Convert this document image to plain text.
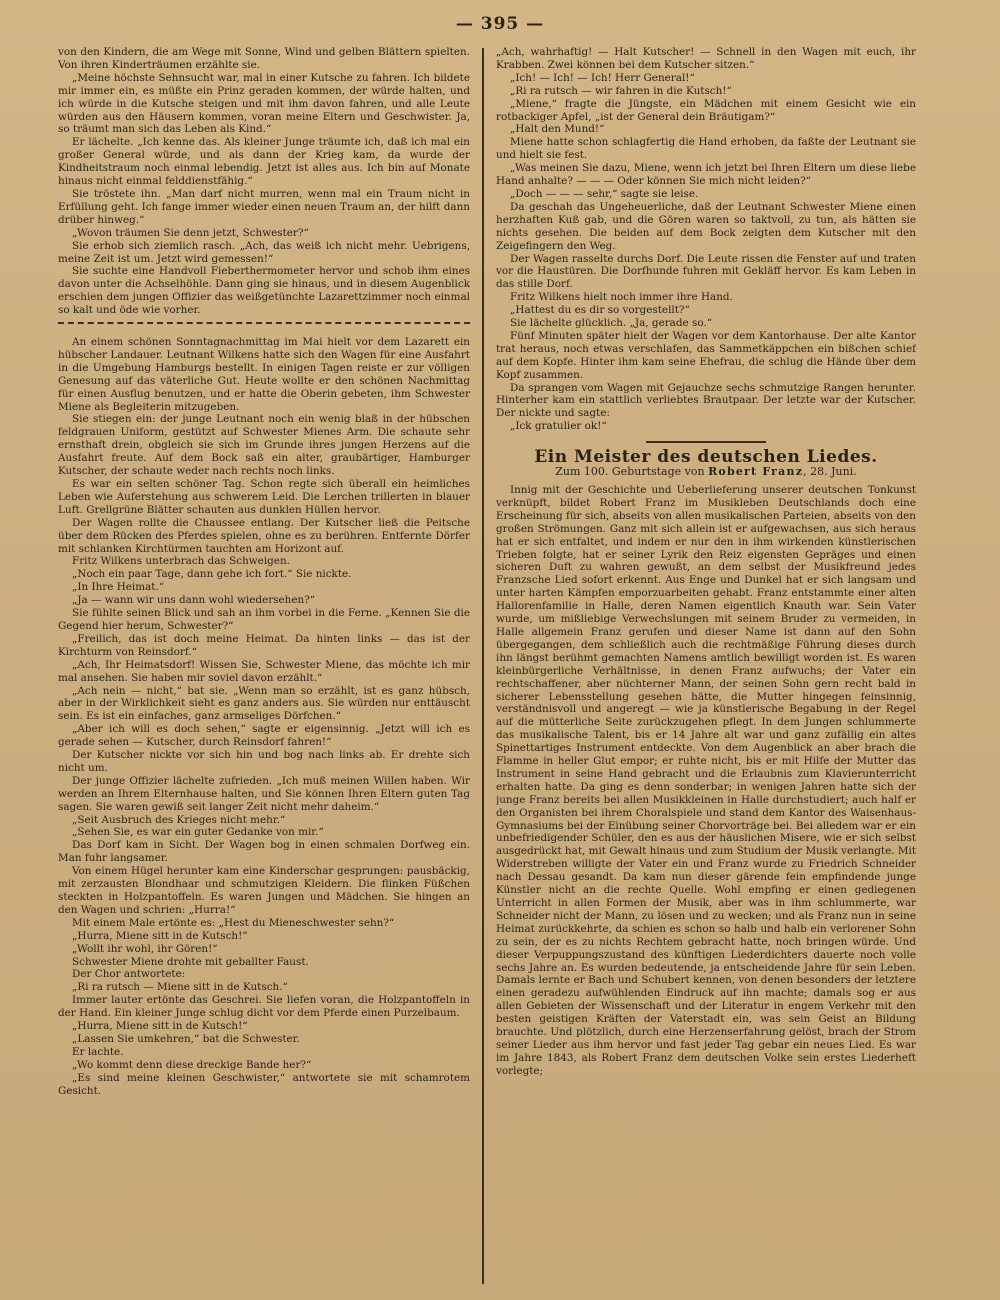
— 395 —

von den Kindern, die am Wege mit Sonne, Wind und gelben Blättern spielten. Von ihren Kinderträumen erzählte sie.

„Meine höchste Sehnsucht war, mal in einer Kutsche zu fahren. Ich bildete mir immer ein, es müßte ein Prinz geraden kommen, der würde halten, und ich würde in die Kutsche steigen und mit ihm davon fahren, und alle Leute würden aus den Häusern kommen, voran meine Eltern und Geschwister. Ja, so träumt man sich das Leben als Kind.“

Er lächelte. „Ich kenne das. Als kleiner Junge träumte ich, daß ich mal ein großer General würde, und als dann der Krieg kam, da wurde der Kindheitstraum noch einmal lebendig. Jetzt ist alles aus. Ich bin auf Monate hinaus nicht einmal felddienstfähig.“

Sie tröstete ihn. „Man darf nicht murren, wenn mal ein Traum nicht in Erfüllung geht. Ich fange immer wieder einen neuen Traum an, der hilft dann drüber hinweg.“

„Wovon träumen Sie denn jetzt, Schwester?“

Sie erhob sich ziemlich rasch. „Ach, das weiß ich nicht mehr. Uebrigens, meine Zeit ist um. Jetzt wird gemessen!“

Sie suchte eine Handvoll Fieberthermometer hervor und schob ihm eines davon unter die Achselhöhle. Dann ging sie hinaus, und in diesem Augenblick erschien dem jungen Offizier das weißgetünchte Lazarettzimmer noch einmal so kalt und öde wie vorher.

An einem schönen Sonntagnachmittag im Mai hielt vor dem Lazarett ein hübscher Landauer. Leutnant Wilkens hatte sich den Wagen für eine Ausfahrt in die Umgebung Hamburgs bestellt. In einigen Tagen reiste er zur völligen Genesung auf das väterliche Gut. Heute wollte er den schönen Nachmittag für einen Ausflug benutzen, und er hatte die Oberin gebeten, ihm Schwester Miene als Begleiterin mitzugeben.

Sie stiegen ein: der junge Leutnant noch ein wenig blaß in der hübschen feldgrauen Uniform, gestützt auf Schwester Mienes Arm. Die schaute sehr ernsthaft drein, obgleich sie sich im Grunde ihres jungen Herzens auf die Ausfahrt freute. Auf dem Bock saß ein alter, graubärtiger, Hamburger Kutscher, der schaute weder nach rechts noch links.

Es war ein selten schöner Tag. Schon regte sich überall ein heimliches Leben wie Auferstehung aus schwerem Leid. Die Lerchen trillerten in blauer Luft. Grellgrüne Blätter schauten aus dunklen Hüllen hervor.

Der Wagen rollte die Chaussee entlang. Der Kutscher ließ die Peitsche über dem Rücken des Pferdes spielen, ohne es zu berühren. Entfernte Dörfer mit schlanken Kirchtürmen tauchten am Horizont auf.

Fritz Wilkens unterbrach das Schweigen.

„Noch ein paar Tage, dann gehe ich fort.“ Sie nickte.

„In Ihre Heimat.“

„Ja — wann wir uns dann wohl wiedersehen?“

Sie fühlte seinen Blick und sah an ihm vorbei in die Ferne. „Kennen Sie die Gegend hier herum, Schwester?“

„Freilich, das ist doch meine Heimat. Da hinten links — das ist der Kirchturm von Reinsdorf.“

„Ach, Ihr Heimatsdorf! Wissen Sie, Schwester Miene, das möchte ich mir mal ansehen. Sie haben mir soviel davon erzählt.“

„Ach nein — nicht,“ bat sie. „Wenn man so erzählt, ist es ganz hübsch, aber in der Wirklichkeit sieht es ganz anders aus. Sie würden nur enttäuscht sein. Es ist ein einfaches, ganz armseliges Dörfchen.“

„Aber ich will es doch sehen,“ sagte er eigensinnig. „Jetzt will ich es gerade sehen — Kutscher, durch Reinsdorf fahren!“

Der Kutscher nickte vor sich hin und bog nach links ab. Er drehte sich nicht um.

Der junge Offizier lächelte zufrieden. „Ich muß meinen Willen haben. Wir werden an Ihrem Elternhause halten, und Sie können Ihren Eltern guten Tag sagen. Sie waren gewiß seit langer Zeit nicht mehr daheim.“

„Seit Ausbruch des Krieges nicht mehr.“

„Sehen Sie, es war ein guter Gedanke von mir.“

Das Dorf kam in Sicht. Der Wagen bog in einen schmalen Dorfweg ein. Man fuhr langsamer.

Von einem Hügel herunter kam eine Kinderschar gesprungen: pausbäckig, mit zerzausten Blondhaar und schmutzigen Kleidern. Die flinken Füßchen steckten in Holzpantoffeln. Es waren Jungen und Mädchen. Sie hingen an den Wagen und schrien: „Hurra!“

Mit einem Male ertönte es: „Hest du Mieneschwester sehn?“

„Hurra, Miene sitt in de Kutsch!“

„Wollt ihr wohl, ihr Gören!“

Schwester Miene drohte mit geballter Faust.

Der Chor antwortete:

„Ri ra rutsch — Miene sitt in de Kutsch.“

Immer lauter ertönte das Geschrei. Sie liefen voran, die Holzpantoffeln in der Hand. Ein kleiner Junge schlug dicht vor dem Pferde einen Purzelbaum.

„Hurra, Miene sitt in de Kutsch!“

„Lassen Sie umkehren,“ bat die Schwester.

Er lachte.

„Wo kommt denn diese dreckige Bande her?“

„Es sind meine kleinen Geschwister,“ antwortete sie mit schamrotem Gesicht.

„Ach, wahrhaftig! — Halt Kutscher! — Schnell in den Wagen mit euch, ihr Krabben. Zwei können bei dem Kutscher sitzen.“

„Ich! — Ich! — Ich! Herr General!“

„Ri ra rutsch — wir fahren in die Kutsch!“

„Miene,“ fragte die Jüngste, ein Mädchen mit einem Gesicht wie ein rotbackiger Apfel, „ist der General dein Bräutigam?“

„Halt den Mund!“

Miene hatte schon schlagfertig die Hand erhoben, da faßte der Leutnant sie und hielt sie fest.

„Was meinen Sie dazu, Miene, wenn ich jetzt bei Ihren Eltern um diese liebe Hand anhalte? — — — Oder können Sie mich nicht leiden?“

„Doch — — — sehr,“ sagte sie leise.

Da geschah das Ungeheuerliche, daß der Leutnant Schwester Miene einen herzhaften Kuß gab, und die Gören waren so taktvoll, zu tun, als hätten sie nichts gesehen. Die beiden auf dem Bock zeigten dem Kutscher mit den Zeigefingern den Weg.

Der Wagen rasselte durchs Dorf. Die Leute rissen die Fenster auf und traten vor die Haustüren. Die Dorfhunde fuhren mit Gekläff hervor. Es kam Leben in das stille Dorf.

Fritz Wilkens hielt noch immer ihre Hand.

„Hattest du es dir so vorgestellt?“

Sie lächelte glücklich. „Ja, gerade so.“

Fünf Minuten später hielt der Wagen vor dem Kantorhause. Der alte Kantor trat heraus, noch etwas verschlafen, das Sammetkäppchen ein bißchen schief auf dem Kopfe. Hinter ihm kam seine Ehefrau, die schlug die Hände über dem Kopf zusammen.

Da sprangen vom Wagen mit Gejauchze sechs schmutzige Rangen herunter. Hinterher kam ein stattlich verliebtes Brautpaar. Der letzte war der Kutscher. Der nickte und sagte:

„Ick gratulier ok!“

Ein Meister des deutschen Liedes.
Zum 100. Geburtstage von Robert Franz, 28. Juni.

Innig mit der Geschichte und Ueberlieferung unserer deutschen Tonkunst verknüpft, bildet Robert Franz im Musikleben Deutschlands doch eine Erscheinung für sich, abseits von allen musikalischen Parteien, abseits von den großen Strömungen. Ganz mit sich allein ist er aufgewachsen, aus sich heraus hat er sich entfaltet, und indem er nur den in ihm wirkenden künstlerischen Trieben folgte, hat er seiner Lyrik den Reiz eigensten Gepräges und einen sicheren Duft zu wahren gewußt, an dem selbst der Musikfreund jedes Franzsche Lied sofort erkennt. Aus Enge und Dunkel hat er sich langsam und unter harten Kämpfen emporzuarbeiten gehabt. Franz entstammte einer alten Hallorenfamilie in Halle, deren Namen eigentlich Knauth war. Sein Vater wurde, um mißliebige Verwechslungen mit seinem Bruder zu vermeiden, in Halle allgemein Franz gerufen und dieser Name ist dann auf den Sohn übergegangen, dem schließlich auch die rechtmäßige Führung dieses durch ihn längst berühmt gemachten Namens amtlich bewilligt worden ist. Es waren kleinbürgerliche Verhältnisse, in denen Franz aufwuchs; der Vater ein rechtschaffener, aber nüchterner Mann, der seinen Sohn gern recht bald in sicherer Lebensstellung gesehen hätte, die Mutter hingegen feinsinnig, verständnisvoll und angeregt — wie ja künstlerische Begabung in der Regel auf die mütterliche Seite zurückzugehen pflegt. In dem Jungen schlummerte das musikalische Talent, bis er 14 Jahre alt war und ganz zufällig ein altes Spinettartiges Instrument entdeckte. Von dem Augenblick an aber brach die Flamme in heller Glut empor; er ruhte nicht, bis er mit Hilfe der Mutter das Instrument in seine Hand gebracht und die Erlaubnis zum Klavierunterricht erhalten hatte. Da ging es denn sonderbar; in wenigen Jahren hatte sich der junge Franz bereits bei allen Musikkleinen in Halle durchstudiert; auch half er den Organisten bei ihrem Choralspiele und stand dem Kantor des Waisenhaus-Gymnasiums bei der Einübung seiner Chorvorträge bei. Bei alledem war er ein unbefriedigender Schüler, den es aus der häuslichen Misere, wie er sich selbst ausgedrückt hat, mit Gewalt hinaus und zum Studium der Musik verlangte. Mit Widerstreben willigte der Vater ein und Franz wurde zu Friedrich Schneider nach Dessau gesandt. Da kam nun dieser gärende fein empfindende junge Künstler nicht an die rechte Quelle. Wohl empfing er einen gediegenen Unterricht in allen Formen der Musik, aber was in ihm schlummerte, war Schneider nicht der Mann, zu lösen und zu wecken; und als Franz nun in seine Heimat zurückkehrte, da schien es schon so halb und halb ein verlorener Sohn zu sein, der es zu nichts Rechtem gebracht hatte, noch bringen würde. Und dieser Verpuppungszustand des künftigen Liederdichters dauerte noch volle sechs Jahre an. Es wurden bedeutende, ja entscheidende Jahre für sein Leben. Damals lernte er Bach und Schubert kennen, von denen besonders der letztere einen geradezu aufwühlenden Eindruck auf ihn machte; damals sog er aus allen Gebieten der Wissenschaft und der Literatur in engem Verkehr mit den besten geistigen Kräften der Vaterstadt ein, was sein Geist an Bildung brauchte. Und plötzlich, durch eine Herzenserfahrung gelöst, brach der Strom seiner Lieder aus ihm hervor und fast jeder Tag gebar ein neues Lied. Es war im Jahre 1843, als Robert Franz dem deutschen Volke sein erstes Liederheft vorlegte;
